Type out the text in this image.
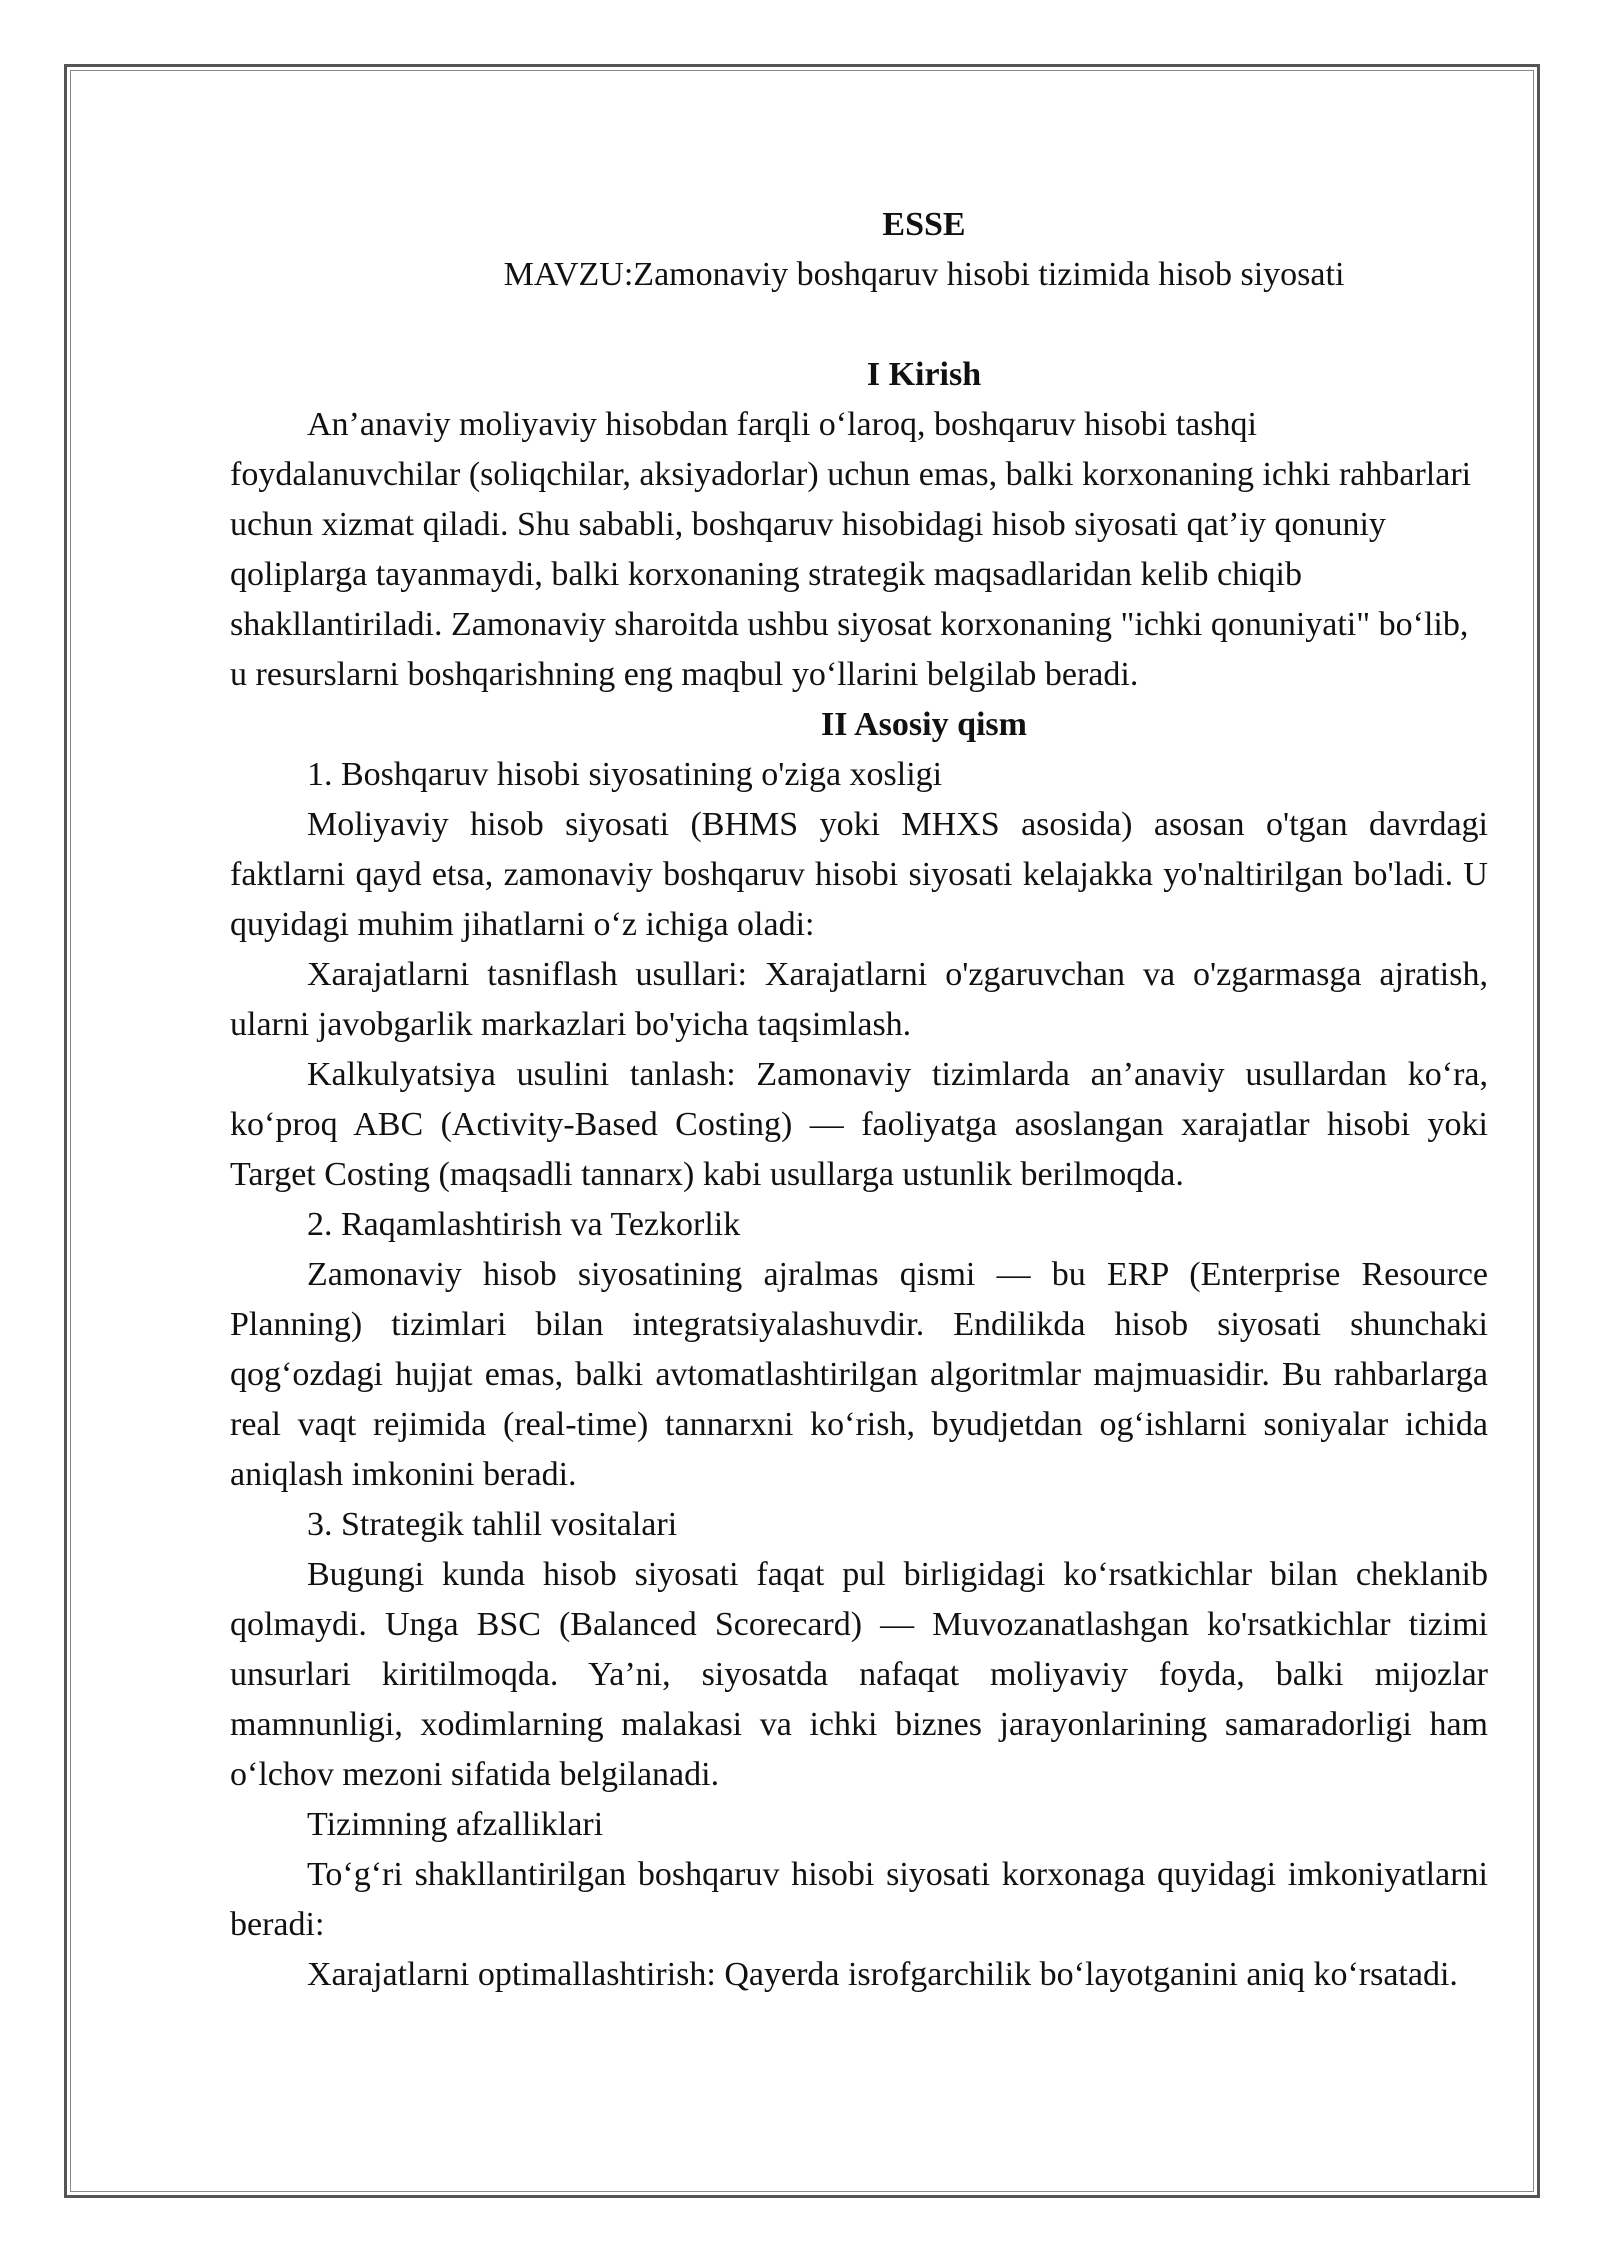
ESSE

MAVZU:Zamonaviy boshqaruv hisobi tizimida hisob siyosati

I Kirish

An’anaviy moliyaviy hisobdan farqli o‘laroq, boshqaruv hisobi tashqi foydalanuvchilar (soliqchilar, aksiyadorlar) uchun emas, balki korxonaning ichki rahbarlari uchun xizmat qiladi. Shu sababli, boshqaruv hisobidagi hisob siyosati qat’iy qonuniy qoliplarga tayanmaydi, balki korxonaning strategik maqsadlaridan kelib chiqib shakllantiriladi. Zamonaviy sharoitda ushbu siyosat korxonaning "ichki qonuniyati" bo‘lib, u resurslarni boshqarishning eng maqbul yo‘llarini belgilab beradi.

II Asosiy qism

1. Boshqaruv hisobi siyosatining o'ziga xosligi

Moliyaviy hisob siyosati (BHMS yoki MHXS asosida) asosan o'tgan davrdagi faktlarni qayd etsa, zamonaviy boshqaruv hisobi siyosati kelajakka yo'naltirilgan bo'ladi. U quyidagi muhim jihatlarni o‘z ichiga oladi:

Xarajatlarni tasniflash usullari: Xarajatlarni o'zgaruvchan va o'zgarmasga ajratish, ularni javobgarlik markazlari bo'yicha taqsimlash.

Kalkulyatsiya usulini tanlash: Zamonaviy tizimlarda an’anaviy usullardan ko‘ra, ko‘proq ABC (Activity-Based Costing) — faoliyatga asoslangan xarajatlar hisobi yoki Target Costing (maqsadli tannarx) kabi usullarga ustunlik berilmoqda.

2. Raqamlashtirish va Tezkorlik

Zamonaviy hisob siyosatining ajralmas qismi — bu ERP (Enterprise Resource Planning) tizimlari bilan integratsiyalashuvdir. Endilikda hisob siyosati shunchaki qog‘ozdagi hujjat emas, balki avtomatlashtirilgan algoritmlar majmuasidir. Bu rahbarlarga real vaqt rejimida (real-time) tannarxni ko‘rish, byudjetdan og‘ishlarni soniyalar ichida aniqlash imkonini beradi.

3. Strategik tahlil vositalari

Bugungi kunda hisob siyosati faqat pul birligidagi ko‘rsatkichlar bilan cheklanib qolmaydi. Unga BSC (Balanced Scorecard) — Muvozanatlashgan ko'rsatkichlar tizimi unsurlari kiritilmoqda. Ya’ni, siyosatda nafaqat moliyaviy foyda, balki mijozlar mamnunligi, xodimlarning malakasi va ichki biznes jarayonlarining samaradorligi ham o‘lchov mezoni sifatida belgilanadi.

Tizimning afzalliklari

To‘g‘ri shakllantirilgan boshqaruv hisobi siyosati korxonaga quyidagi imkoniyatlarni beradi:

Xarajatlarni optimallashtirish: Qayerda isrofgarchilik bo‘layotganini aniq ko‘rsatadi.
